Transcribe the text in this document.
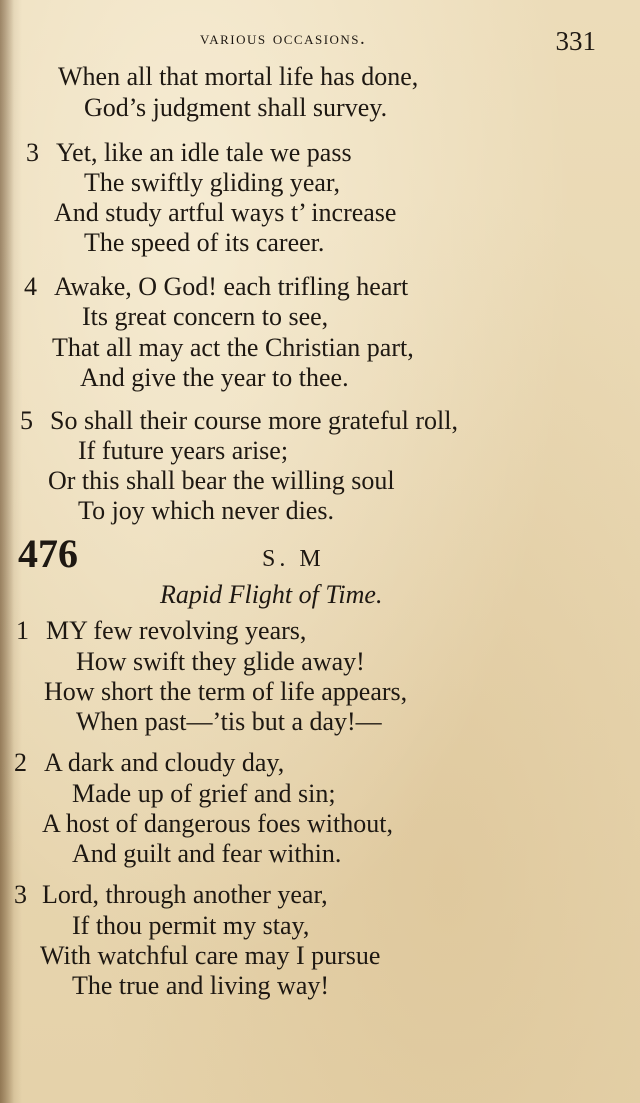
various occasions.	331
When all that mortal life has done,
God’s judgment shall survey.
3 Yet, like an idle tale we pass
The swiftly gliding year,
And study artful ways t’ increase
The speed of its career.
4 Awake, O God! each trifling heart
Its great concern to see,
That all may act the Christian part,
And give the year to thee.
5 So shall their course more grateful roll,
If future years arise;
Or this shall bear the willing soul
To joy which never dies.
476	S. M
Rapid Flight of Time.
1 MY few revolving years,
How swift they glide away!
How short the term of life appears,
When past—’tis but a day!—
2 A dark and cloudy day,
Made up of grief and sin;
A host of dangerous foes without,
And guilt and fear within.
3 Lord, through another year,
If thou permit my stay,
With watchful care may I pursue
The true and living way!
